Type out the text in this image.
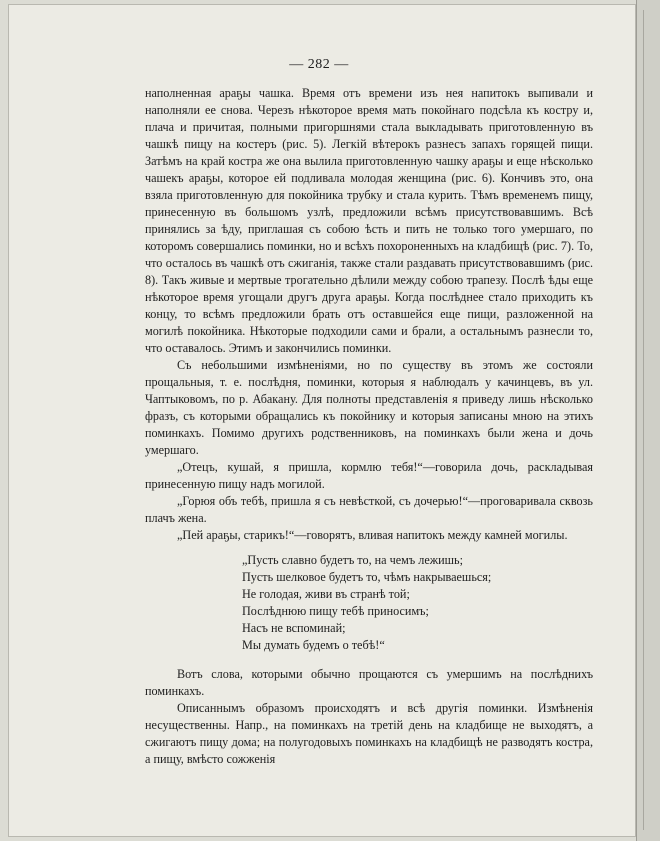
— 282 —

наполненная араҕы чашка. Время отъ времени изъ нея напитокъ выпивали и наполняли ее снова. Черезъ нѣкоторое время мать покойнаго подсѣла къ костру и, плача и причитая, полными пригоршнями стала выкладывать приготовленную въ чашкѣ пищу на костеръ (рис. 5). Легкій вѣтерокъ разнесъ запахъ горящей пищи. Затѣмъ на край костра же она вылила приготовленную чашку араҕы и еще нѣсколько чашекъ араҕы, которое ей подливала молодая женщина (рис. 6). Кончивъ это, она взяла приготовленную для покойника трубку и стала курить. Тѣмъ временемъ пищу, принесенную въ большомъ узлѣ, предложили всѣмъ присутствовавшимъ. Всѣ принялись за ѣду, приглашая съ собою ѣсть и пить не только того умершаго, по которомъ совершались поминки, но и всѣхъ похороненныхъ на кладбищѣ (рис. 7). То, что осталось въ чашкѣ отъ сжиганія, также стали раздавать присутствовавшимъ (рис. 8). Такъ живые и мертвые трогательно дѣлили между собою трапезу. Послѣ ѣды еще нѣкоторое время угощали другъ друга араҕы. Когда послѣднее стало приходить къ концу, то всѣмъ предложили брать отъ оставшейся еще пищи, разложенной на могилѣ покойника. Нѣкоторые подходили сами и брали, а остальнымъ разнесли то, что оставалось. Этимъ и закончились поминки.

Съ небольшими измѣненіями, но по существу въ этомъ же состояли прощальныя, т. е. послѣдня, поминки, которыя я наблюдалъ у качинцевъ, въ ул. Чаптыковомъ, по р. Абакану. Для полноты представленія я приведу лишь нѣсколько фразъ, съ которыми обращались къ покойнику и которыя записаны мною на этихъ поминкахъ. Помимо другихъ родственниковъ, на поминкахъ были жена и дочь умершаго.

„Отецъ, кушай, я пришла, кормлю тебя!“—говорила дочь, раскладывая принесенную пищу надъ могилой.

„Горюя объ тебѣ, пришла я съ невѣсткой, съ дочерью!“—проговаривала сквозь плачъ жена.

„Пей араҕы, старикъ!“—говорятъ, вливая напитокъ между камней могилы.

„Пусть славно будетъ то, на чемъ лежишь;
Пусть шелковое будетъ то, чѣмъ накрываешься;
Не голодая, живи въ странѣ той;
Послѣднюю пищу тебѣ приносимъ;
Насъ не вспоминай;
Мы думать будемъ о тебѣ!“

Вотъ слова, которыми обычно прощаются съ умершимъ на послѣднихъ поминкахъ.

Описаннымъ образомъ происходятъ и всѣ другія поминки. Измѣненія несущественны. Напр., на поминкахъ на третій день на кладбище не выходятъ, а сжигаютъ пищу дома; на полугодовыхъ поминкахъ на кладбищѣ не разводятъ костра, а пищу, вмѣсто сожженія
